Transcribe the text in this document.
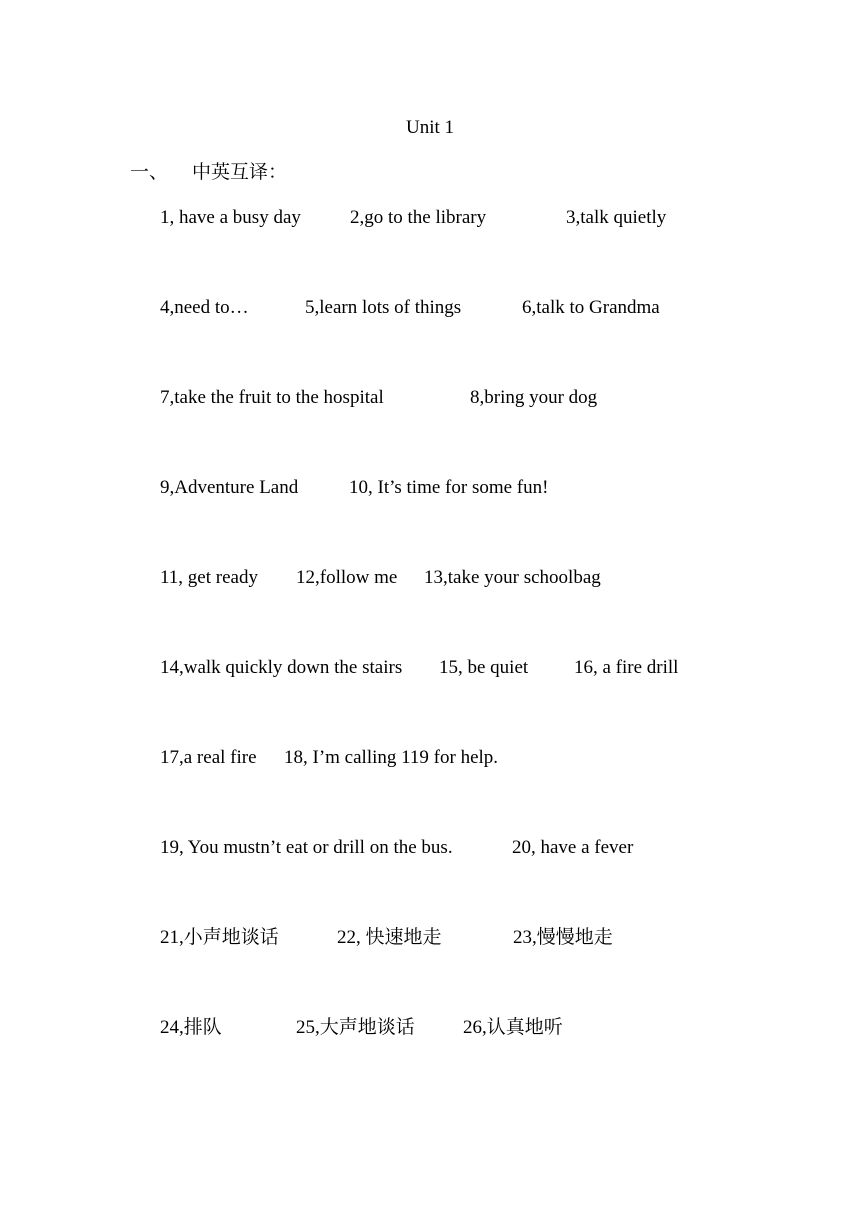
Unit 1
一、 中英互译：
1, have a busy day	2,go to the library	3,talk quietly
4,need to…	5,learn lots of things	6,talk to Grandma
7,take the fruit to the hospital	8,bring your dog
9,Adventure Land	10, It’s time for some fun!
11, get ready 12,follow me 13,take your schoolbag
14,walk quickly down the stairs 15, be quiet 16, a fire drill
17,a real fire 18, I’m calling 119 for help.
19, You mustn’t eat or drill on the bus.	20, have a fever
21,小声地谈话	22, 快速地走	23,慢慢地走
24,排队	25,大声地谈话	26,认真地听
